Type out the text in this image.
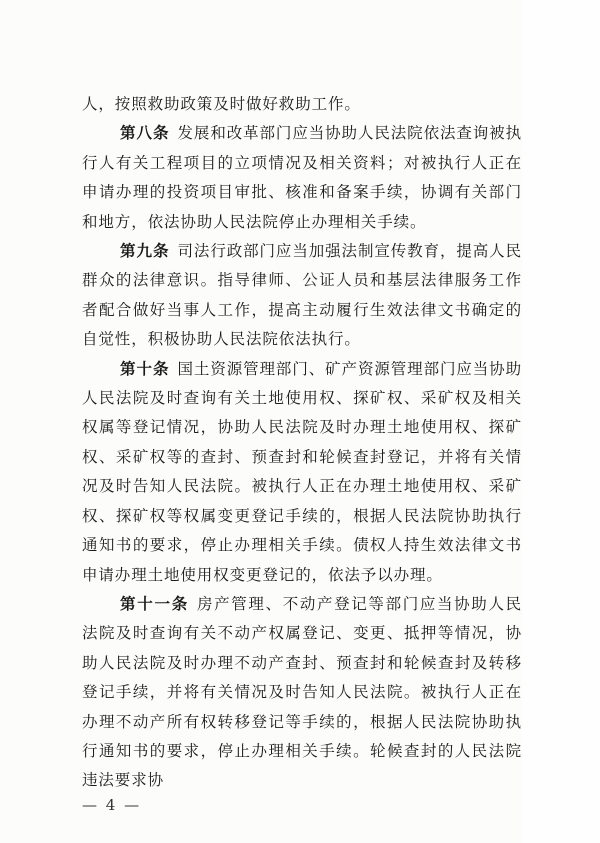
人，按照救助政策及时做好救助工作。

第八条 发展和改革部门应当协助人民法院依法查询被执行人有关工程项目的立项情况及相关资料；对被执行人正在申请办理的投资项目审批、核准和备案手续，协调有关部门和地方，依法协助人民法院停止办理相关手续。

第九条 司法行政部门应当加强法制宣传教育，提高人民群众的法律意识。指导律师、公证人员和基层法律服务工作者配合做好当事人工作，提高主动履行生效法律文书确定的自觉性，积极协助人民法院依法执行。

第十条 国土资源管理部门、矿产资源管理部门应当协助人民法院及时查询有关土地使用权、探矿权、采矿权及相关权属等登记情况，协助人民法院及时办理土地使用权、探矿权、采矿权等的查封、预查封和轮候查封登记，并将有关情况及时告知人民法院。被执行人正在办理土地使用权、采矿权、探矿权等权属变更登记手续的，根据人民法院协助执行通知书的要求，停止办理相关手续。债权人持生效法律文书申请办理土地使用权变更登记的，依法予以办理。

第十一条 房产管理、不动产登记等部门应当协助人民法院及时查询有关不动产权属登记、变更、抵押等情况，协助人民法院及时办理不动产查封、预查封和轮候查封及转移登记手续，并将有关情况及时告知人民法院。被执行人正在办理不动产所有权转移登记等手续的，根据人民法院协助执行通知书的要求，停止办理相关手续。轮候查封的人民法院违法要求协

— 4 —
